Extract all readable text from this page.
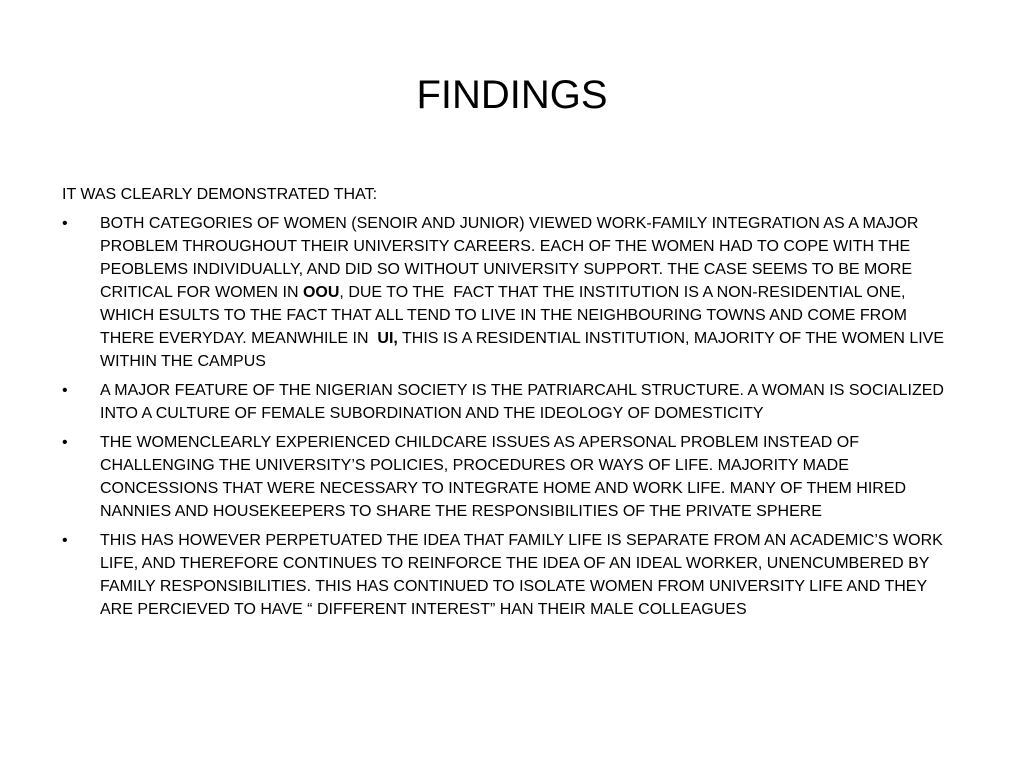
FINDINGS

IT WAS CLEARLY DEMONSTRATED THAT:

•	BOTH CATEGORIES OF WOMEN (SENOIR AND JUNIOR) VIEWED WORK-FAMILY INTEGRATION AS A MAJOR  PROBLEM THROUGHOUT THEIR UNIVERSITY CAREERS. EACH OF THE WOMEN HAD TO COPE WITH THE PEOBLEMS INDIVIDUALLY, AND DID SO WITHOUT UNIVERSITY SUPPORT. THE CASE SEEMS TO BE MORE CRITICAL FOR WOMEN IN OOU, DUE TO THE  FACT THAT THE INSTITUTION IS A NON-RESIDENTIAL ONE, WHICH ESULTS TO THE FACT THAT ALL TEND TO LIVE IN THE NEIGHBOURING TOWNS AND COME FROM THERE EVERYDAY. MEANWHILE IN  UI, THIS IS A RESIDENTIAL INSTITUTION, MAJORITY OF THE WOMEN LIVE WITHIN THE CAMPUS
•	A MAJOR FEATURE OF THE NIGERIAN SOCIETY IS THE PATRIARCAHL STRUCTURE. A WOMAN IS SOCIALIZED INTO A CULTURE OF FEMALE SUBORDINATION AND THE IDEOLOGY OF DOMESTICITY
•	THE WOMENCLEARLY EXPERIENCED CHILDCARE ISSUES AS APERSONAL PROBLEM INSTEAD OF CHALLENGING THE UNIVERSITY’S POLICIES, PROCEDURES OR WAYS OF LIFE. MAJORITY MADE CONCESSIONS THAT WERE NECESSARY TO INTEGRATE HOME AND WORK LIFE. MANY OF THEM HIRED NANNIES AND HOUSEKEEPERS TO SHARE THE RESPONSIBILITIES OF THE PRIVATE SPHERE
•	THIS HAS HOWEVER PERPETUATED THE IDEA THAT FAMILY LIFE IS SEPARATE FROM AN ACADEMIC’S WORK LIFE, AND THEREFORE CONTINUES TO REINFORCE THE IDEA OF AN IDEAL WORKER, UNENCUMBERED BY FAMILY RESPONSIBILITIES. THIS HAS CONTINUED TO ISOLATE WOMEN FROM UNIVERSITY LIFE AND THEY ARE PERCIEVED TO HAVE “ DIFFERENT INTEREST” HAN THEIR MALE COLLEAGUES
